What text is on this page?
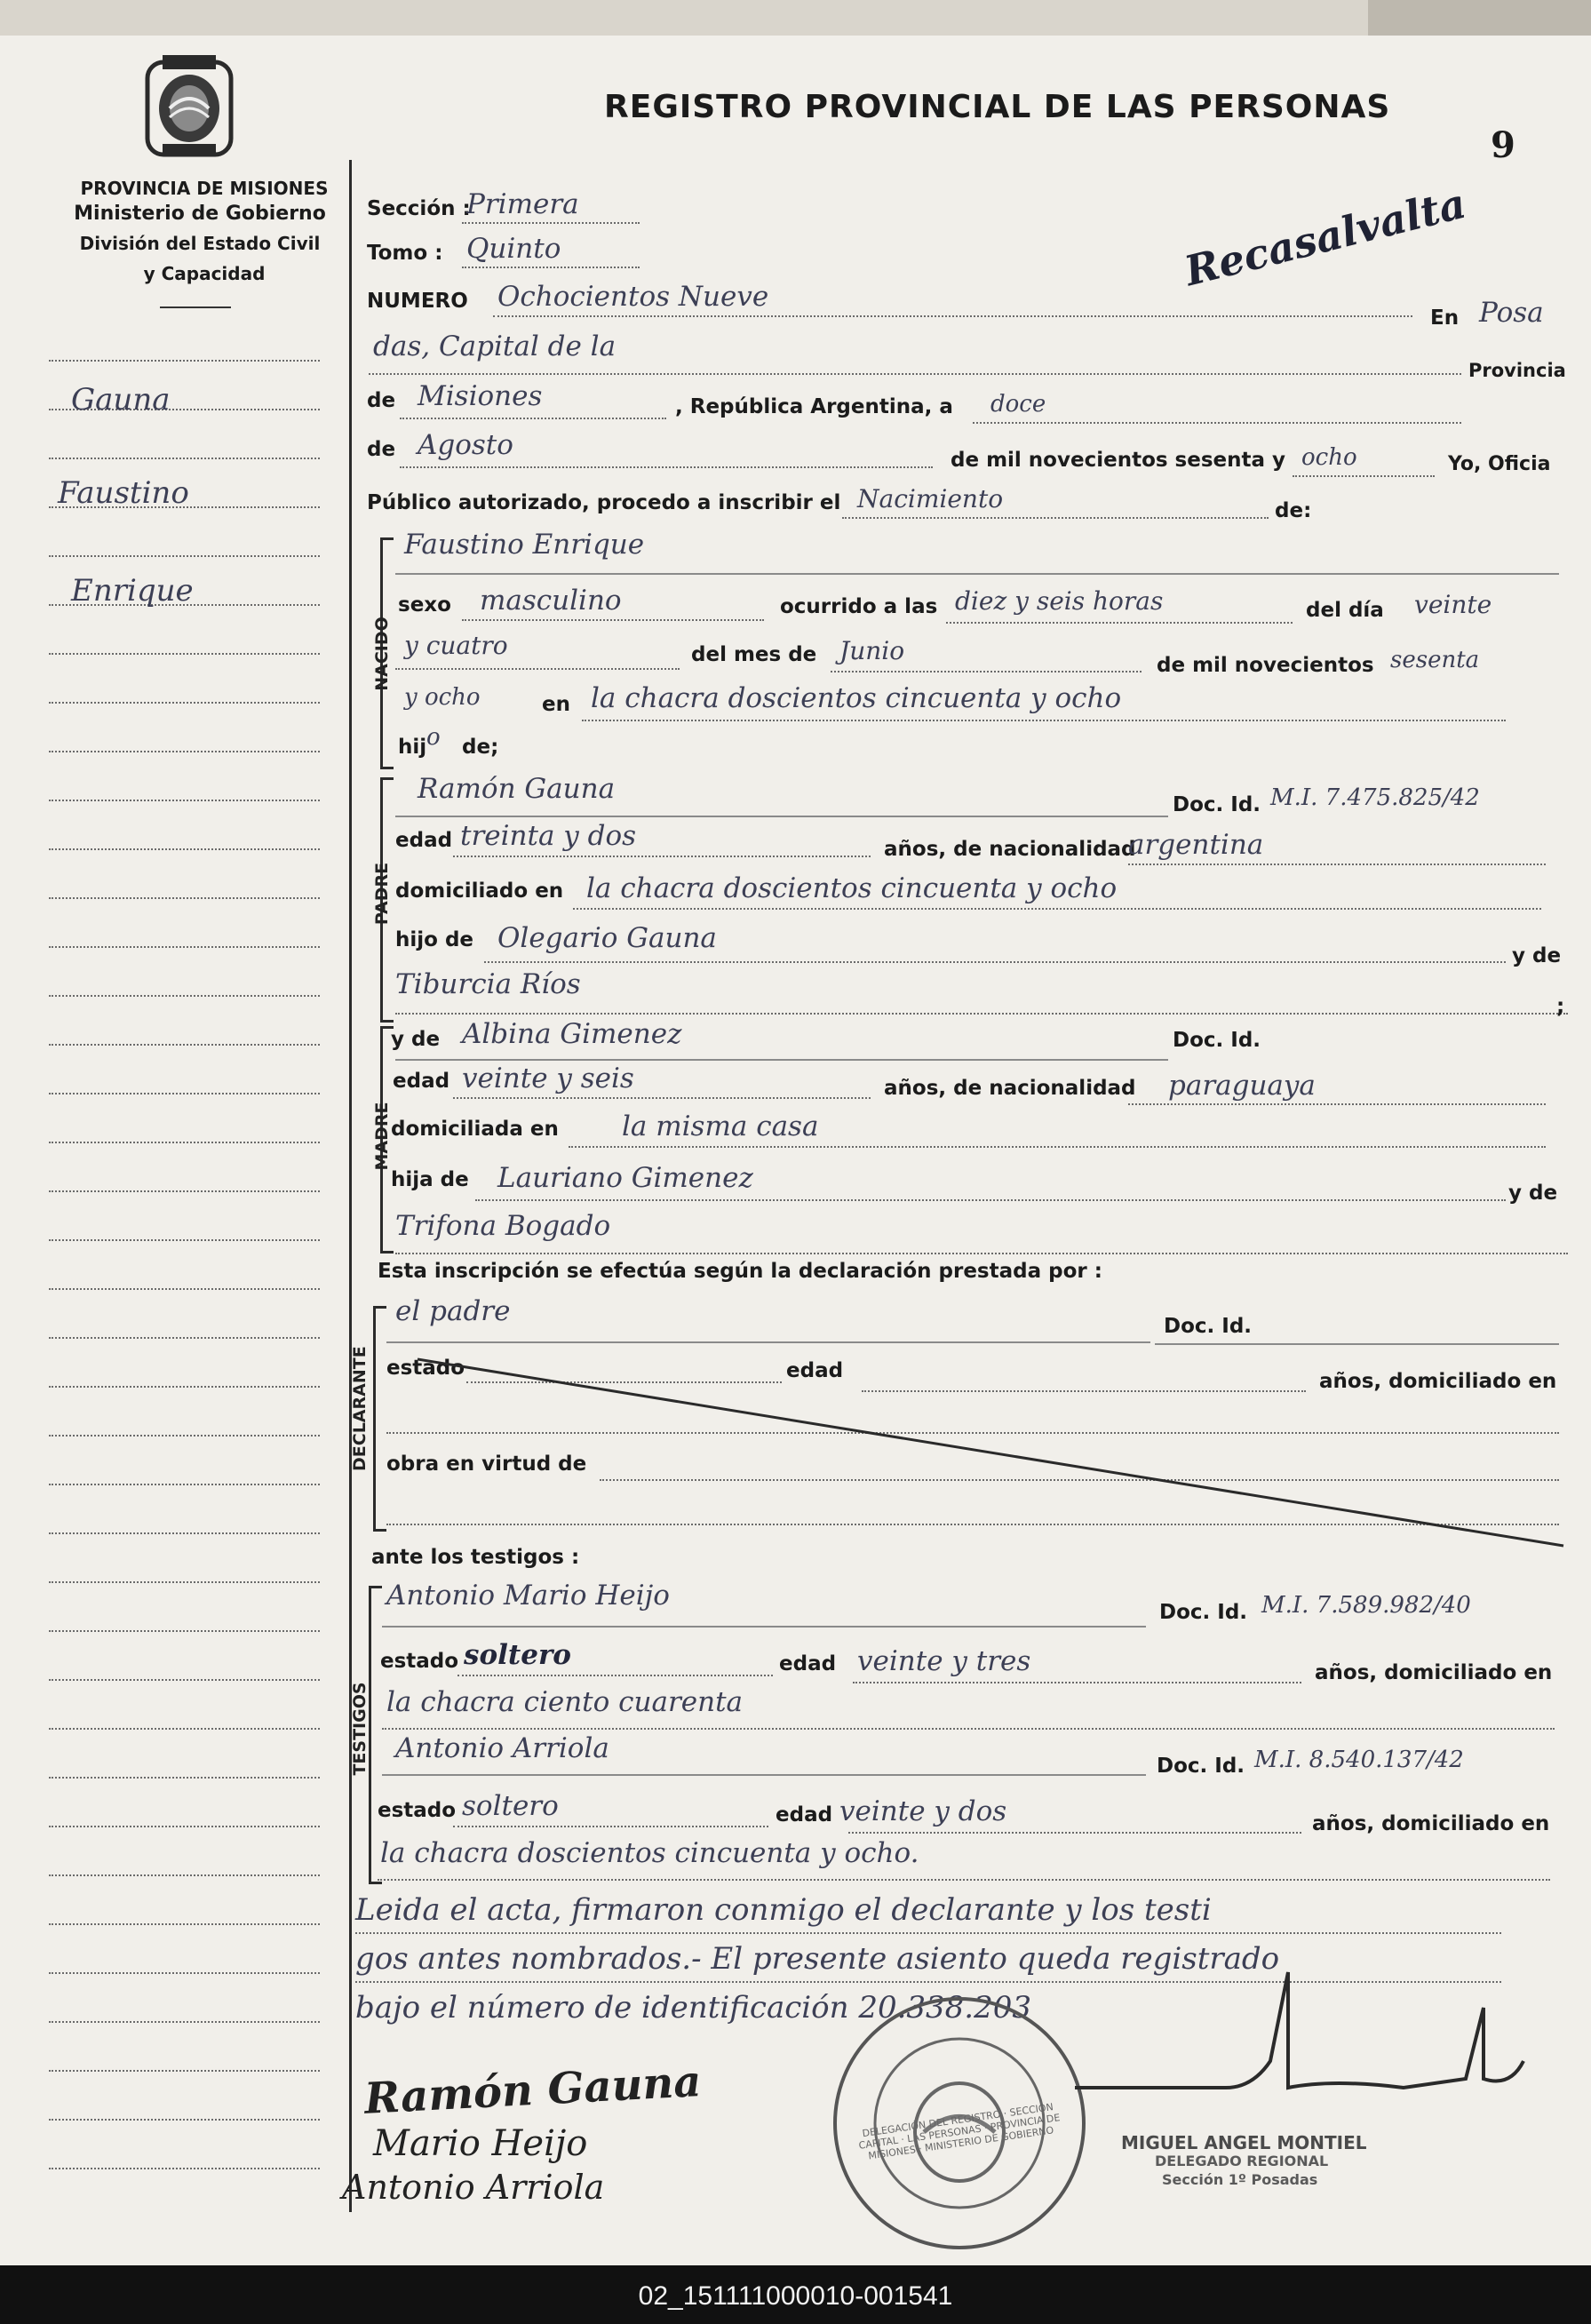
PROVINCIA DE MISIONES
Ministerio de Gobierno
División del Estado Civil
y Capacidad
REGISTRO PROVINCIAL DE LAS PERSONAS
9
Gauna
Faustino
Enrique
Sección :
Primera
Tomo : Quinto
NUMERO Ochocientos Nueve
En Posa
das, Capital de la
Provincia
de Misiones	, República Argentina, a doce
de Agosto	de mil novecientos sesenta y ocho	Yo, Oficia
Público autorizado, procedo a inscribir el Nacimiento	de:
Recasalvalta
NACIDO
Faustino Enrique
sexo masculino	ocurrido a las diez y seis horas	del día veinte
y cuatro	del mes de Junio	de mil novecientos sesenta
y ocho	en la chacra doscientos cincuenta y ocho
hij o de;
PADRE
Ramón Gauna	Doc. Id. M.I. 7.475.825/42
edad treinta y dos	años, de nacionalidad
argentina
domiciliado en la chacra doscientos cincuenta y ocho
hijo de Olegario Gauna
y de
Tiburcia Ríos
;
MADRE
y de Albina Gimenez	Doc. Id.
edad veinte y seis	años, de nacionalidad paraguaya
domiciliada en la misma casa
hija de Lauriano Gimenez	y de
Trifona Bogado
Esta inscripción se efectúa según la declaración prestada por :
DECLARANTE
el padre	Doc. Id.
estado	edad	años, domiciliado en
obra en virtud de
ante los testigos :
TESTIGOS
Antonio Mario Heijo
Doc. Id. M.I. 7.589.982/40
estado soltero	edad veinte y tres	años, domiciliado en
la chacra ciento cuarenta
Antonio Arriola
Doc. Id. M.I. 8.540.137/42
estado soltero	edad veinte y dos	años, domiciliado en
la chacra doscientos cincuenta y ocho.
Leida el acta, firmaron conmigo el declarante y los testi
gos antes nombrados.- El presente asiento queda registrado
bajo el número de identificación 20.338.203
Ramón Gauna
Mario Heijo
Antonio Arriola
DELEGACIÓN DEL REGISTRO · SECCIÓN CAPITAL · LAS PERSONAS · PROVINCIA DE MISIONES · MINISTERIO DE GOBIERNO	MIGUEL ANGEL MONTIEL
DELEGADO REGIONAL
Sección 1º Posadas
02_151111000010-001541
